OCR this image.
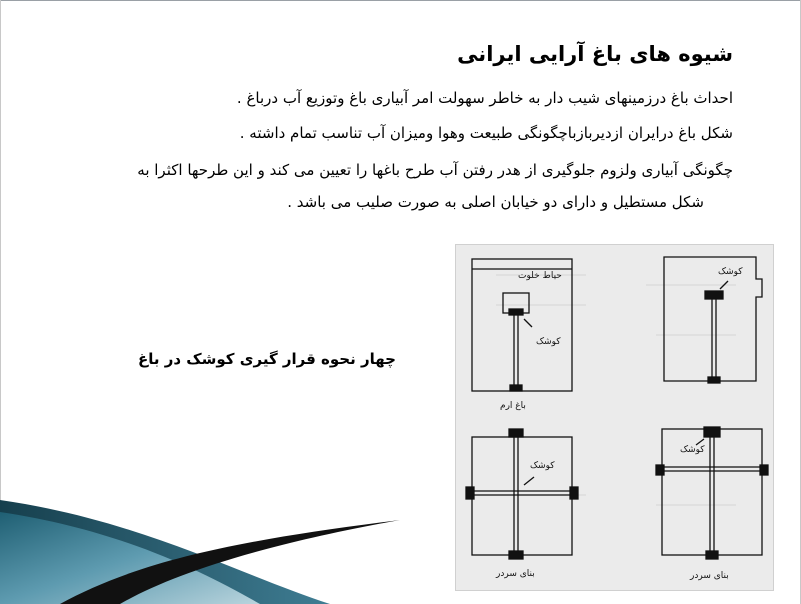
شیوه های باغ آرایی ایرانی
احداث باغ درزمینهای شیب دار به خاطر سهولت امر آبیاری باغ وتوزیع آب درباغ .
شکل باغ درایران ازدیربازباچگونگی طبیعت وهوا ومیزان آب تناسب تمام داشته .
چگونگی آبیاری ولزوم جلوگیری از هدر رفتن آب طرح باغها را تعیین می کند و این طرحها اکثرا به
شکل مستطیل و دارای دو خیابان اصلی به صورت صلیب می باشد .
چهار نحوه قرار گیری کوشک در باغ
حیاط خلوت
کوشک
باغ ارم
کوشک
کوشک
بنای سردر
کوشک
بنای سردر
